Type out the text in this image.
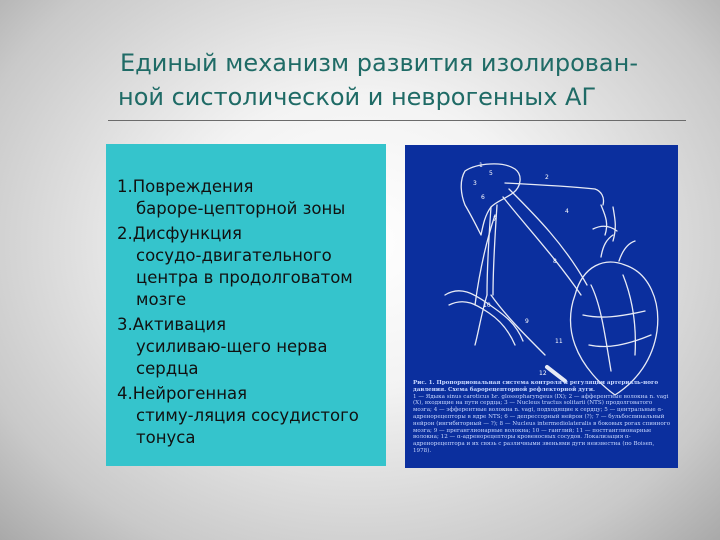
Единый механизм развития изолирован-
ной систолической и неврогенных АГ
1.Повреждения
бароре-цепторной зоны
2.Дисфункция
сосудо-двигательного центра в продолговатом мозге
3.Активация
усиливаю-щего нерва сердца
4.Нейрогенная
стиму-ляция сосудистого тонуса
1
2
3
4
5
6
7
8
9
10
11
12
Рис. 1. Пропорциональная система контроля и регуляции артериаль-ного давления. Схема барорецепторной рефлекторной дуги.
1 — Ядыка sinus caroticus Ьг. glossopharyngeus (IX); 2 — афферентные волокна n. vagi (X), входящие на пути сердца; 3 — Nucleus tractus solitarii (NTS) продолговатого мозга; 4 — эфферентные волокна n. vagi, подходящие к сердцу; 5 — центральные α-адренорецепторы в ядре NTS; 6 — депрессорный нейрон (?); 7 — бульбоспинальный нейрон (ингибиторный — ?); 8 — Nucleus intermediolateralis в боковых рогах спинного мозга; 9 — преганглионарные волокна; 10 — ганглий; 11 — постганглионарные волокна; 12 — α-адренорецепторы кровеносных сосудов. Локализация α-адренорецептора и их связь с различными звеньями дуги неизвестна (по Boisen, 1978).
